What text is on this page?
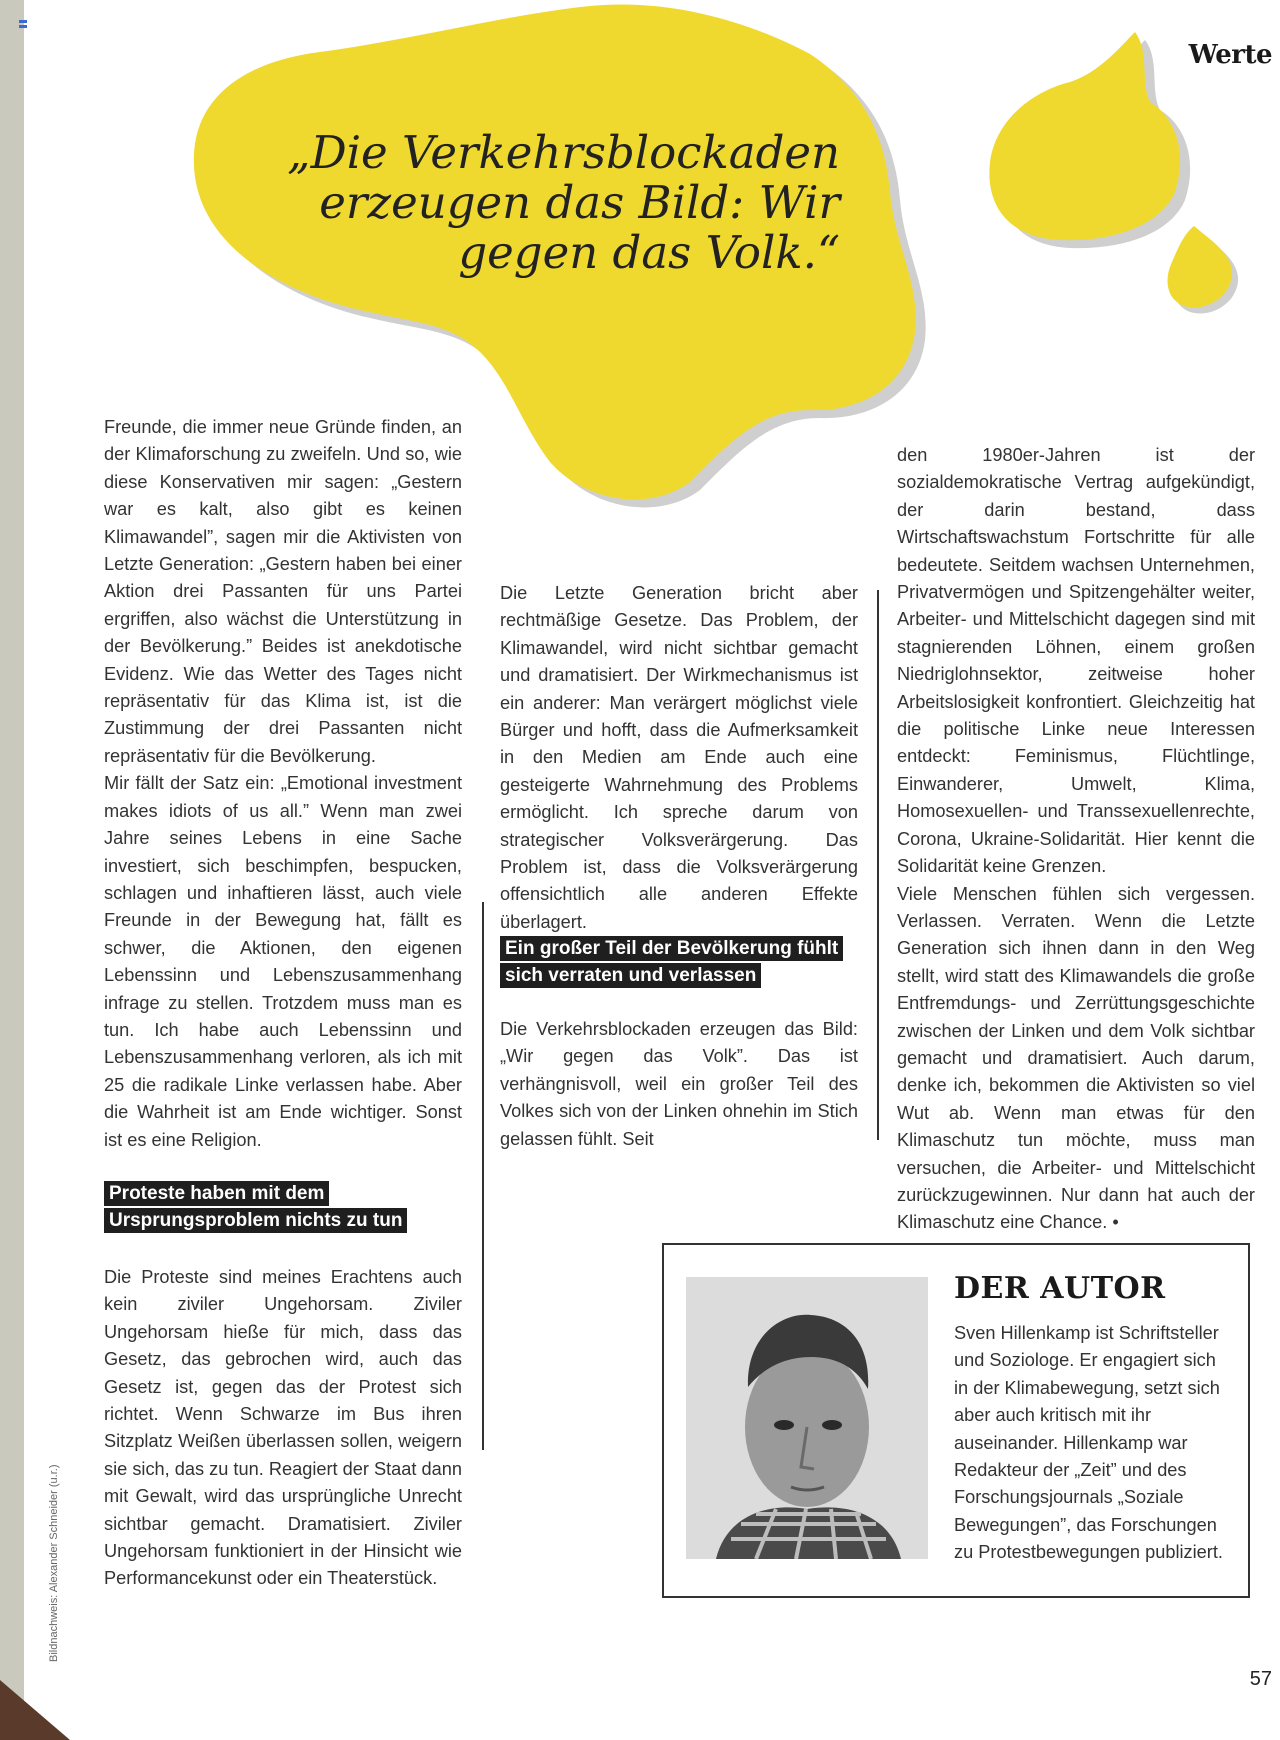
Werte
„Die Verkehrsblockaden erzeugen das Bild: Wir gegen das Volk.“

Freunde, die immer neue Gründe finden, an der Klimaforschung zu zweifeln. Und so, wie diese Konservativen mir sagen: „Gestern war es kalt, also gibt es keinen Klimawandel”, sagen mir die Aktivisten von Letzte Generation: „Gestern haben bei einer Aktion drei Passanten für uns Partei ergriffen, also wächst die Unterstützung in der Bevölkerung.” Beides ist anekdotische Evidenz. Wie das Wetter des Tages nicht repräsentativ für das Klima ist, ist die Zustimmung der drei Passanten nicht repräsentativ für die Bevölkerung.

Mir fällt der Satz ein: „Emotional investment makes idiots of us all.” Wenn man zwei Jahre seines Lebens in eine Sache investiert, sich beschimpfen, bespucken, schlagen und inhaftieren lässt, auch viele Freunde in der Bewegung hat, fällt es schwer, die Aktionen, den eigenen Lebenssinn und Lebenszusammenhang infrage zu stellen. Trotzdem muss man es tun. Ich habe auch Lebenssinn und Lebenszusammenhang verloren, als ich mit 25 die radikale Linke verlassen habe. Aber die Wahrheit ist am Ende wichtiger. Sonst ist es eine Religion.

Proteste haben mit dem Ursprungsproblem nichts zu tun

Die Proteste sind meines Erachtens auch kein ziviler Ungehorsam. Ziviler Ungehorsam hieße für mich, dass das Gesetz, das gebrochen wird, auch das Gesetz ist, gegen das der Protest sich richtet. Wenn Schwarze im Bus ihren Sitzplatz Weißen überlassen sollen, weigern sie sich, das zu tun. Reagiert der Staat dann mit Gewalt, wird das ursprüngliche Unrecht sichtbar gemacht. Dramatisiert. Ziviler Ungehorsam funktioniert in der Hinsicht wie Performancekunst oder ein Theaterstück.

Die Letzte Generation bricht aber rechtmäßige Gesetze. Das Problem, der Klimawandel, wird nicht sichtbar gemacht und dramatisiert. Der Wirkmechanismus ist ein anderer: Man verärgert möglichst viele Bürger und hofft, dass die Aufmerksamkeit in den Medien am Ende auch eine gesteigerte Wahrnehmung des Problems ermöglicht. Ich spreche darum von strategischer Volksverärgerung. Das Problem ist, dass die Volksverärgerung offensichtlich alle anderen Effekte überlagert.

Ein großer Teil der Bevölkerung fühlt sich verraten und verlassen

Die Verkehrsblockaden erzeugen das Bild: „Wir gegen das Volk”. Das ist verhängnisvoll, weil ein großer Teil des Volkes sich von der Linken ohnehin im Stich gelassen fühlt. Seit

den 1980er-Jahren ist der sozialdemokratische Vertrag aufgekündigt, der darin bestand, dass Wirtschaftswachstum Fortschritte für alle bedeutete. Seitdem wachsen Unternehmen, Privatvermögen und Spitzengehälter weiter, Arbeiter- und Mittelschicht dagegen sind mit stagnierenden Löhnen, einem großen Niedriglohnsektor, zeitweise hoher Arbeitslosigkeit konfrontiert. Gleichzeitig hat die politische Linke neue Interessen entdeckt: Feminismus, Flüchtlinge, Einwanderer, Umwelt, Klima, Homosexuellen- und Transsexuellenrechte, Corona, Ukraine-Solidarität. Hier kennt die Solidarität keine Grenzen.

Viele Menschen fühlen sich vergessen. Verlassen. Verraten. Wenn die Letzte Generation sich ihnen dann in den Weg stellt, wird statt des Klimawandels die große Entfremdungs- und Zerrüttungsgeschichte zwischen der Linken und dem Volk sichtbar gemacht und dramatisiert. Auch darum, denke ich, bekommen die Aktivisten so viel Wut ab. Wenn man etwas für den Klimaschutz tun möchte, muss man versuchen, die Arbeiter- und Mittelschicht zurückzugewinnen. Nur dann hat auch der Klimaschutz eine Chance. •

DER AUTOR
Sven Hillenkamp ist Schriftsteller und Soziologe. Er engagiert sich in der Klimabewegung, setzt sich aber auch kritisch mit ihr auseinander. Hillenkamp war Redakteur der „Zeit” und des Forschungsjournals „Soziale Bewegungen”, das Forschungen zu Protestbewegungen publiziert.
Bildnachweis: Alexander Schneider (u.r.)
57
